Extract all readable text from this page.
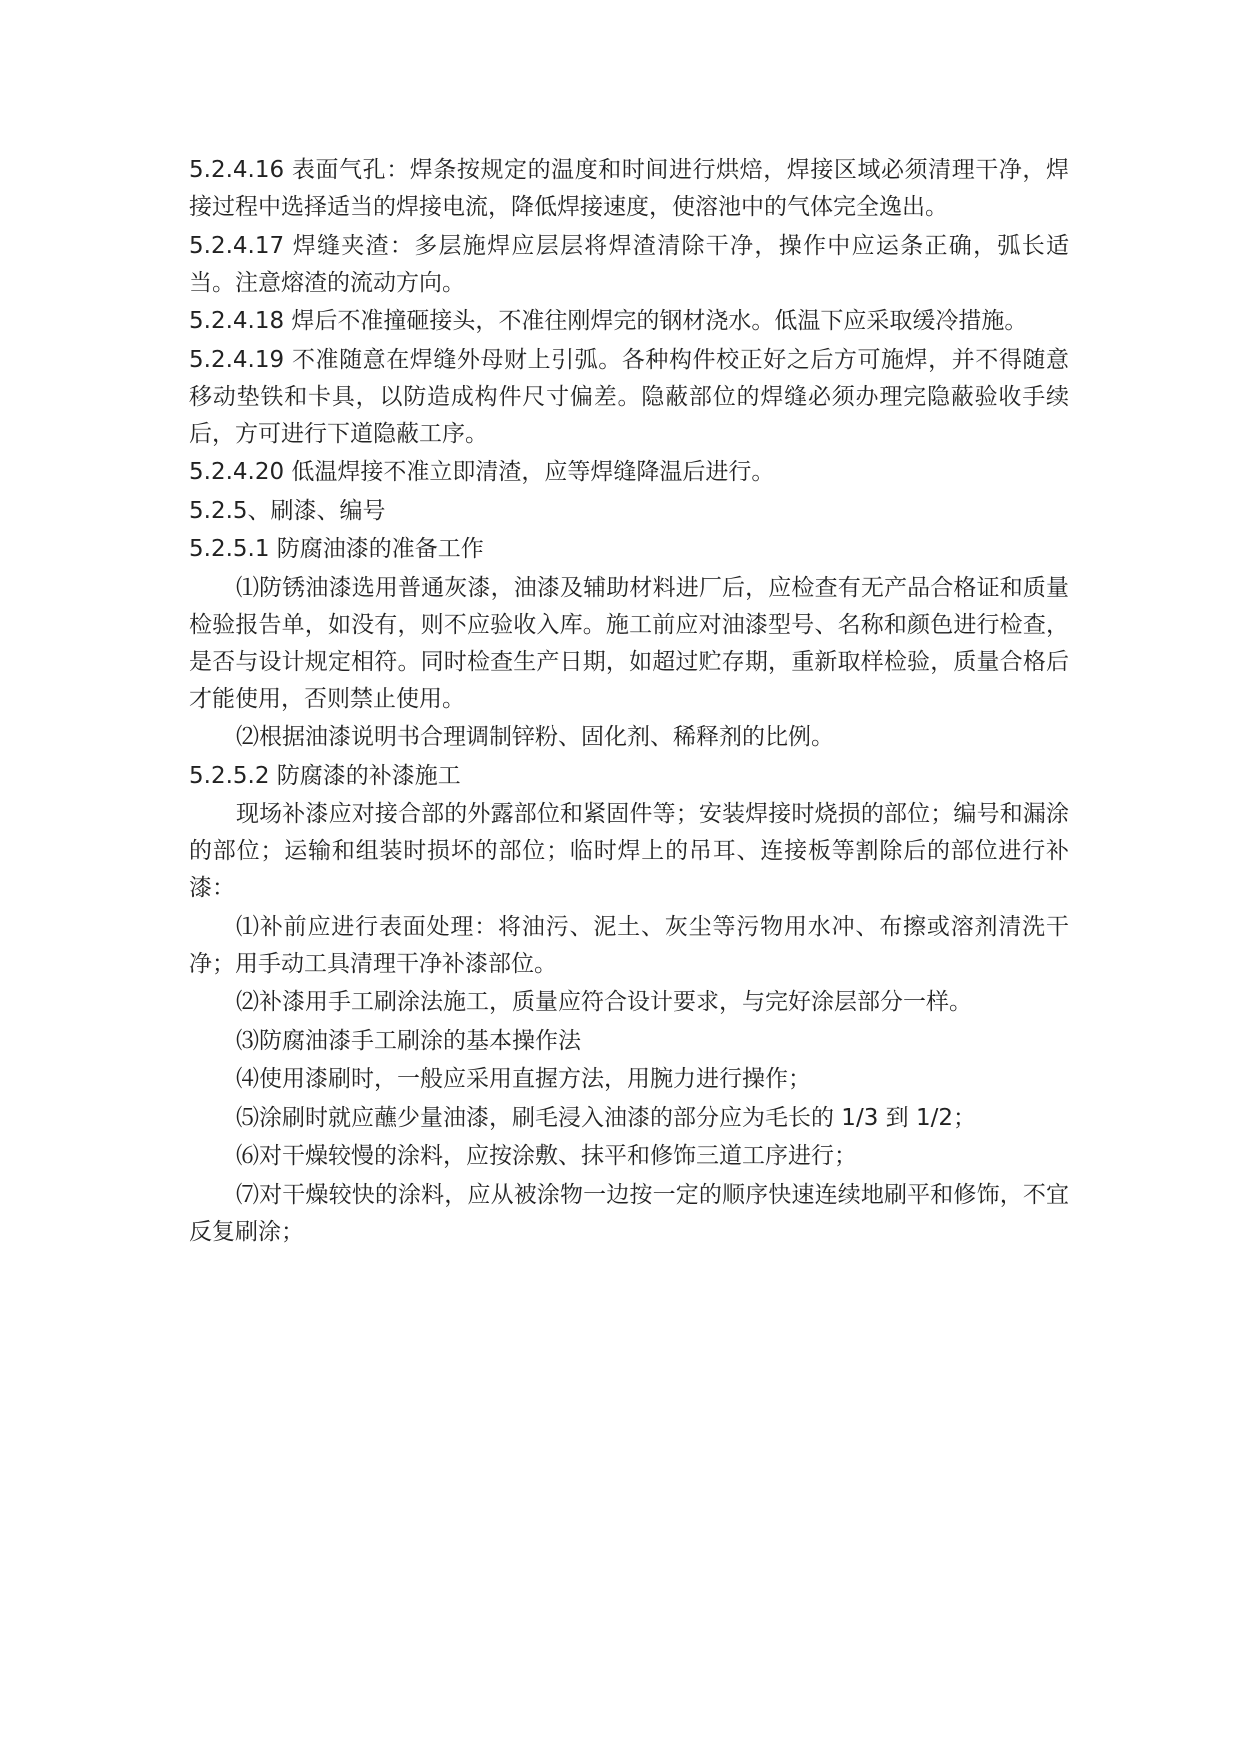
5.2.4.16 表面气孔：焊条按规定的温度和时间进行烘焙，焊接区域必须清理干净，焊接过程中选择适当的焊接电流，降低焊接速度，使溶池中的气体完全逸出。

5.2.4.17 焊缝夹渣：多层施焊应层层将焊渣清除干净，操作中应运条正确，弧长适当。注意熔渣的流动方向。

5.2.4.18 焊后不准撞砸接头，不准往刚焊完的钢材浇水。低温下应采取缓冷措施。

5.2.4.19 不准随意在焊缝外母财上引弧。各种构件校正好之后方可施焊，并不得随意移动垫铁和卡具，以防造成构件尺寸偏差。隐蔽部位的焊缝必须办理完隐蔽验收手续后，方可进行下道隐蔽工序。

5.2.4.20 低温焊接不准立即清渣，应等焊缝降温后进行。

5.2.5、刷漆、编号

5.2.5.1 防腐油漆的准备工作

⑴防锈油漆选用普通灰漆，油漆及辅助材料进厂后，应检查有无产品合格证和质量检验报告单，如没有，则不应验收入库。施工前应对油漆型号、名称和颜色进行检查，是否与设计规定相符。同时检查生产日期，如超过贮存期，重新取样检验，质量合格后才能使用，否则禁止使用。

⑵根据油漆说明书合理调制锌粉、固化剂、稀释剂的比例。

5.2.5.2 防腐漆的补漆施工

现场补漆应对接合部的外露部位和紧固件等；安装焊接时烧损的部位；编号和漏涂的部位；运输和组装时损坏的部位；临时焊上的吊耳、连接板等割除后的部位进行补漆：

⑴补前应进行表面处理：将油污、泥土、灰尘等污物用水冲、布擦或溶剂清洗干净；用手动工具清理干净补漆部位。

⑵补漆用手工刷涂法施工，质量应符合设计要求，与完好涂层部分一样。

⑶防腐油漆手工刷涂的基本操作法

⑷使用漆刷时，一般应采用直握方法，用腕力进行操作；

⑸涂刷时就应蘸少量油漆，刷毛浸入油漆的部分应为毛长的 1/3 到 1/2；

⑹对干燥较慢的涂料，应按涂敷、抹平和修饰三道工序进行；

⑺对干燥较快的涂料，应从被涂物一边按一定的顺序快速连续地刷平和修饰，不宜反复刷涂；
